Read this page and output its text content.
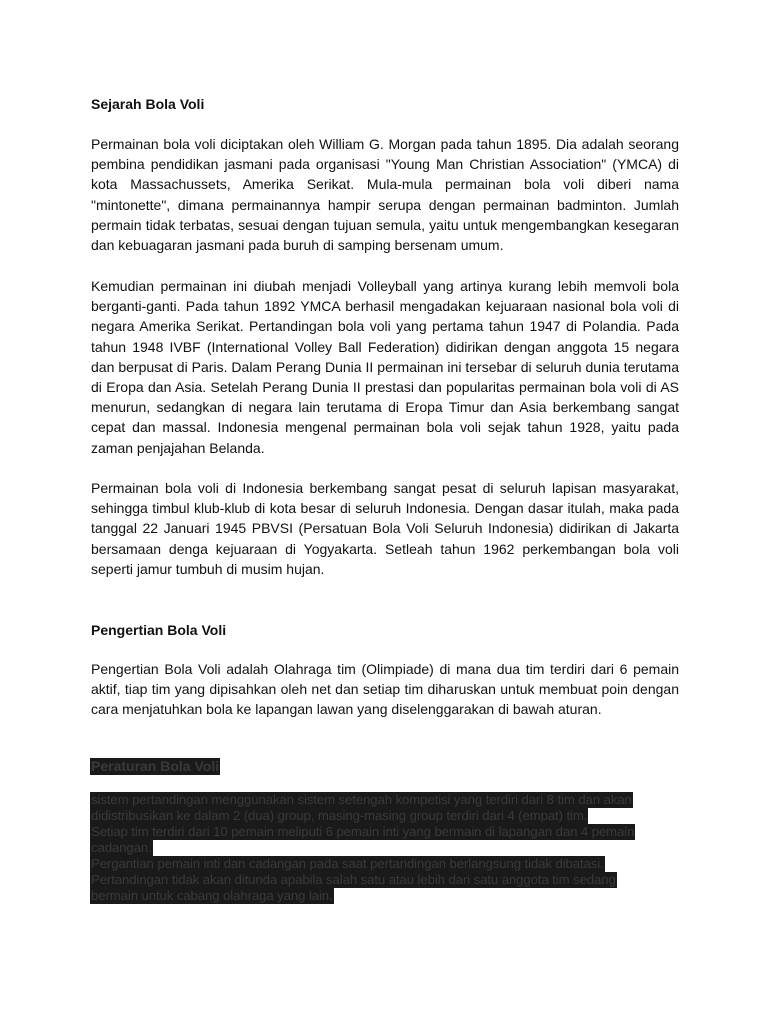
Sejarah Bola Voli

Permainan bola voli diciptakan oleh William G. Morgan pada tahun 1895. Dia adalah seorang pembina pendidikan jasmani pada organisasi "Young Man Christian Association" (YMCA) di kota Massachussets, Amerika Serikat. Mula-mula permainan bola voli diberi nama "mintonette", dimana permainannya hampir serupa dengan permainan badminton. Jumlah permain tidak terbatas, sesuai dengan tujuan semula, yaitu untuk mengembangkan kesegaran dan kebuagaran jasmani pada buruh di samping bersenam umum.

Kemudian permainan ini diubah menjadi Volleyball yang artinya kurang lebih memvoli bola berganti-ganti. Pada tahun 1892 YMCA berhasil mengadakan kejuaraan nasional bola voli di negara Amerika Serikat. Pertandingan bola voli yang pertama tahun 1947 di Polandia. Pada tahun 1948 IVBF (International Volley Ball Federation) didirikan dengan anggota 15 negara dan berpusat di Paris. Dalam Perang Dunia II permainan ini tersebar di seluruh dunia terutama di Eropa dan Asia. Setelah Perang Dunia II prestasi dan popularitas permainan bola voli di AS menurun, sedangkan di negara lain terutama di Eropa Timur dan Asia berkembang sangat cepat dan massal. Indonesia mengenal permainan bola voli sejak tahun 1928, yaitu pada zaman penjajahan Belanda.

Permainan bola voli di Indonesia berkembang sangat pesat di seluruh lapisan masyarakat, sehingga timbul klub-klub di kota besar di seluruh Indonesia. Dengan dasar itulah, maka pada tanggal 22 Januari 1945 PBVSI (Persatuan Bola Voli Seluruh Indonesia) didirikan di Jakarta bersamaan denga kejuaraan di Yogyakarta. Setleah tahun 1962 perkembangan bola voli seperti jamur tumbuh di musim hujan.

Pengertian Bola Voli

Pengertian Bola Voli adalah Olahraga tim (Olimpiade) di mana dua tim terdiri dari 6 pemain aktif, tiap tim yang dipisahkan oleh net dan setiap tim diharuskan untuk membuat poin dengan cara menjatuhkan bola ke lapangan lawan yang diselenggarakan di bawah aturan.

Peraturan Bola Voli
sistem pertandingan menggunakan sistem setengah kompetisi yang terdiri dari 8 tim dan akan
didistribusikan ke dalam 2 (dua) group, masing-masing group terdiri dari 4 (empat) tim.
Setiap tim terdiri dari 10 pemain meliputi 6 pemain inti yang bermain di lapangan dan 4 pemain
cadangan.
Pergantian pemain inti dan cadangan pada saat pertandingan berlangsung tidak dibatasi.
Pertandingan tidak akan ditunda apabila salah satu atau lebih dari satu anggota tim sedang
bermain untuk cabang olahraga yang lain.
